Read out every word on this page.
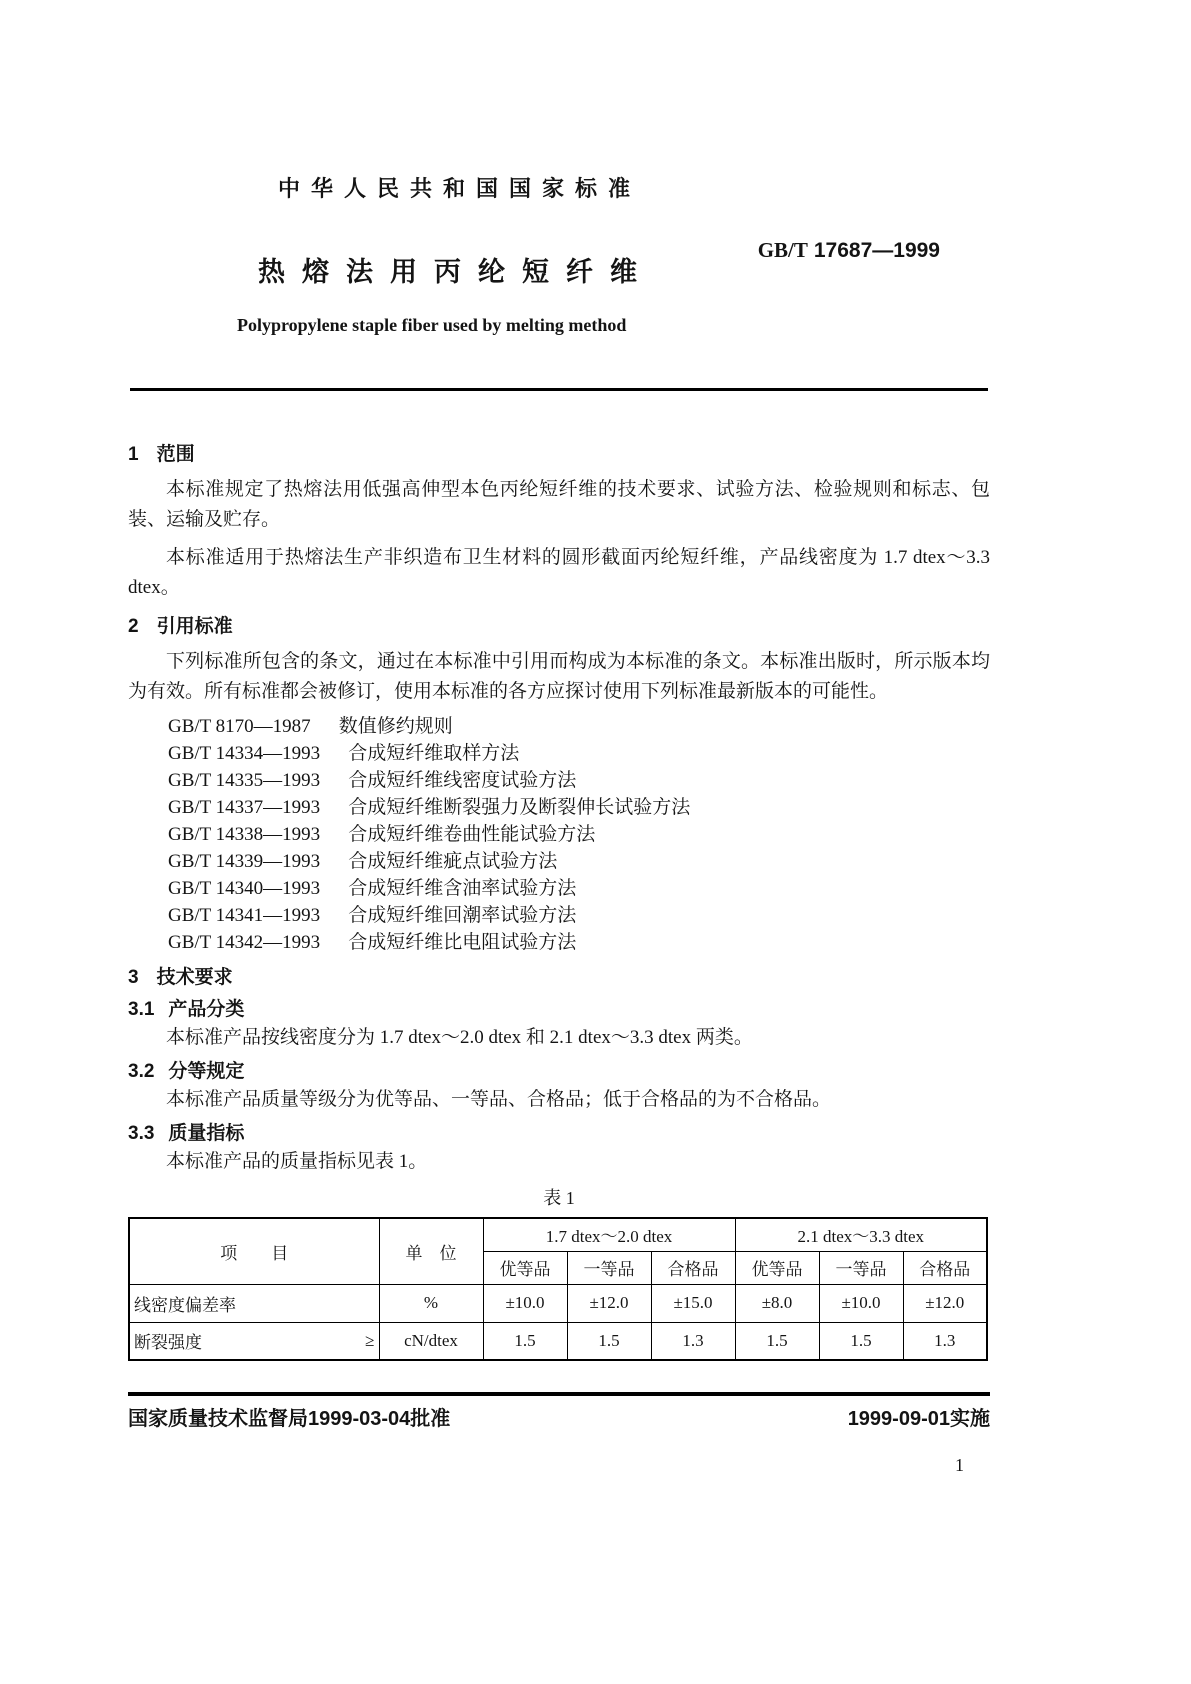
中华人民共和国国家标准
GB/T 17687—1999
热熔法用丙纶短纤维
Polypropylene staple fiber used by melting method
1 范围

本标准规定了热熔法用低强高伸型本色丙纶短纤维的技术要求、试验方法、检验规则和标志、包装、运输及贮存。

本标准适用于热熔法生产非织造布卫生材料的圆形截面丙纶短纤维，产品线密度为 1.7 dtex～3.3 dtex。

2 引用标准

下列标准所包含的条文，通过在本标准中引用而构成为本标准的条文。本标准出版时，所示版本均为有效。所有标准都会被修订，使用本标准的各方应探讨使用下列标准最新版本的可能性。

GB/T 8170—1987 数值修约规则
GB/T 14334—1993 合成短纤维取样方法
GB/T 14335—1993 合成短纤维线密度试验方法
GB/T 14337—1993 合成短纤维断裂强力及断裂伸长试验方法
GB/T 14338—1993 合成短纤维卷曲性能试验方法
GB/T 14339—1993 合成短纤维疵点试验方法
GB/T 14340—1993 合成短纤维含油率试验方法
GB/T 14341—1993 合成短纤维回潮率试验方法
GB/T 14342—1993 合成短纤维比电阻试验方法
3 技术要求
3.1 产品分类

本标准产品按线密度分为 1.7 dtex～2.0 dtex 和 2.1 dtex～3.3 dtex 两类。

3.2 分等规定

本标准产品质量等级分为优等品、一等品、合格品；低于合格品的为不合格品。

3.3 质量指标

本标准产品的质量指标见表 1。

表 1
项　　目	单　位	1.7 dtex～2.0 dtex			2.1 dtex～3.3 dtex		
		优等品	一等品	合格品	优等品	一等品	合格品

线密度偏差率	%	±10.0	±12.0	±15.0	±8.0	±10.0	±12.0

断裂强度 ≥	cN/dtex	1.5	1.5	1.3	1.5	1.5	1.3
国家质量技术监督局1999-03-04批准	1999-09-01实施
1
